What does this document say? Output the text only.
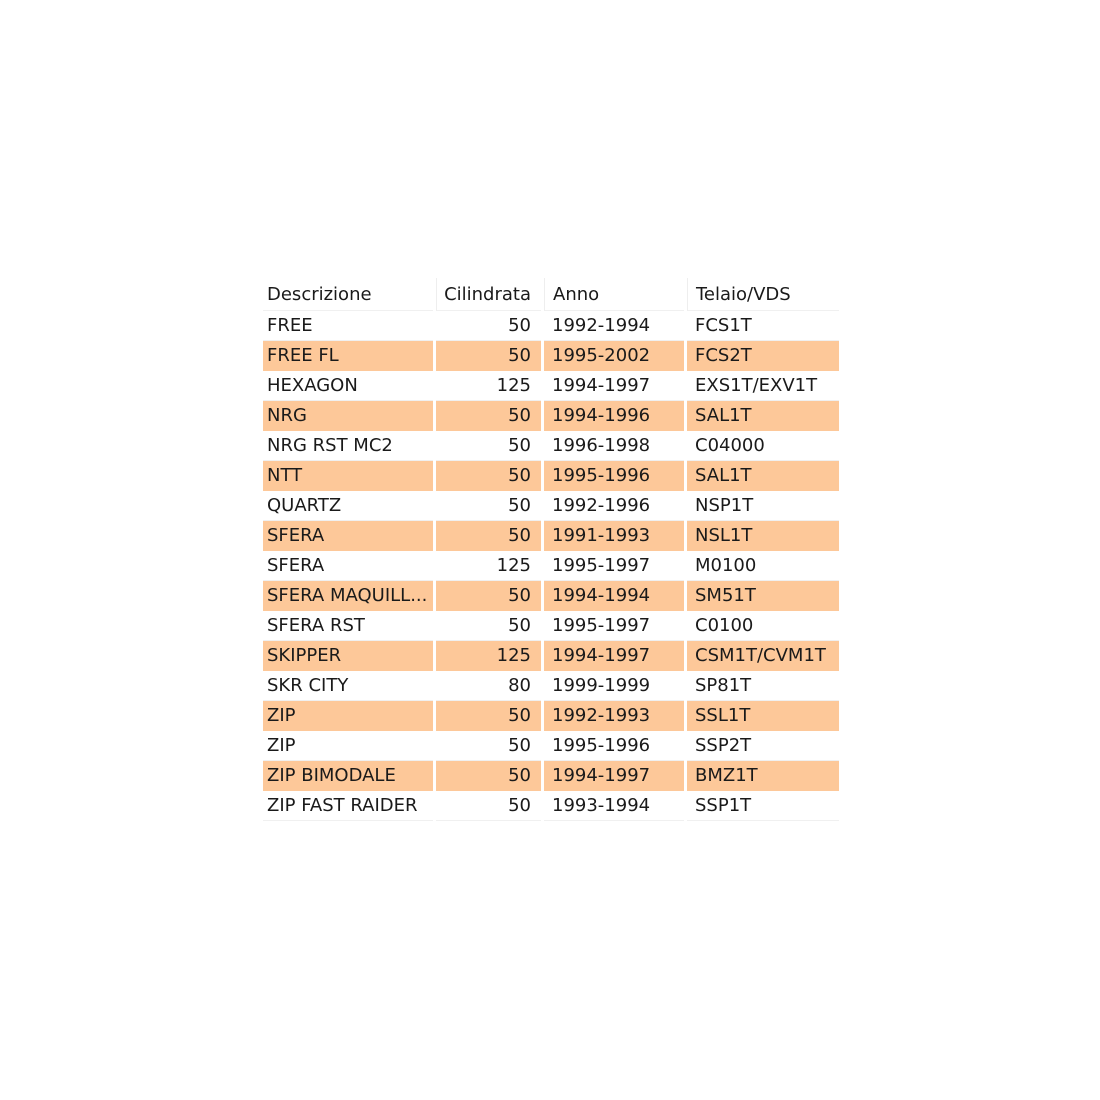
Descrizione	Cilindrata	Anno	Telaio/VDS
FREE	50	1992-1994	FCS1T
FREE FL	50	1995-2002	FCS2T
HEXAGON	125	1994-1997	EXS1T/EXV1T
NRG	50	1994-1996	SAL1T
NRG RST MC2	50	1996-1998	C04000
NTT	50	1995-1996	SAL1T
QUARTZ	50	1992-1996	NSP1T
SFERA	50	1991-1993	NSL1T
SFERA	125	1995-1997	M0100
SFERA MAQUILL...	50	1994-1994	SM51T
SFERA RST	50	1995-1997	C0100
SKIPPER	125	1994-1997	CSM1T/CVM1T
SKR CITY	80	1999-1999	SP81T
ZIP	50	1992-1993	SSL1T
ZIP	50	1995-1996	SSP2T
ZIP BIMODALE	50	1994-1997	BMZ1T
ZIP FAST RAIDER	50	1993-1994	SSP1T
